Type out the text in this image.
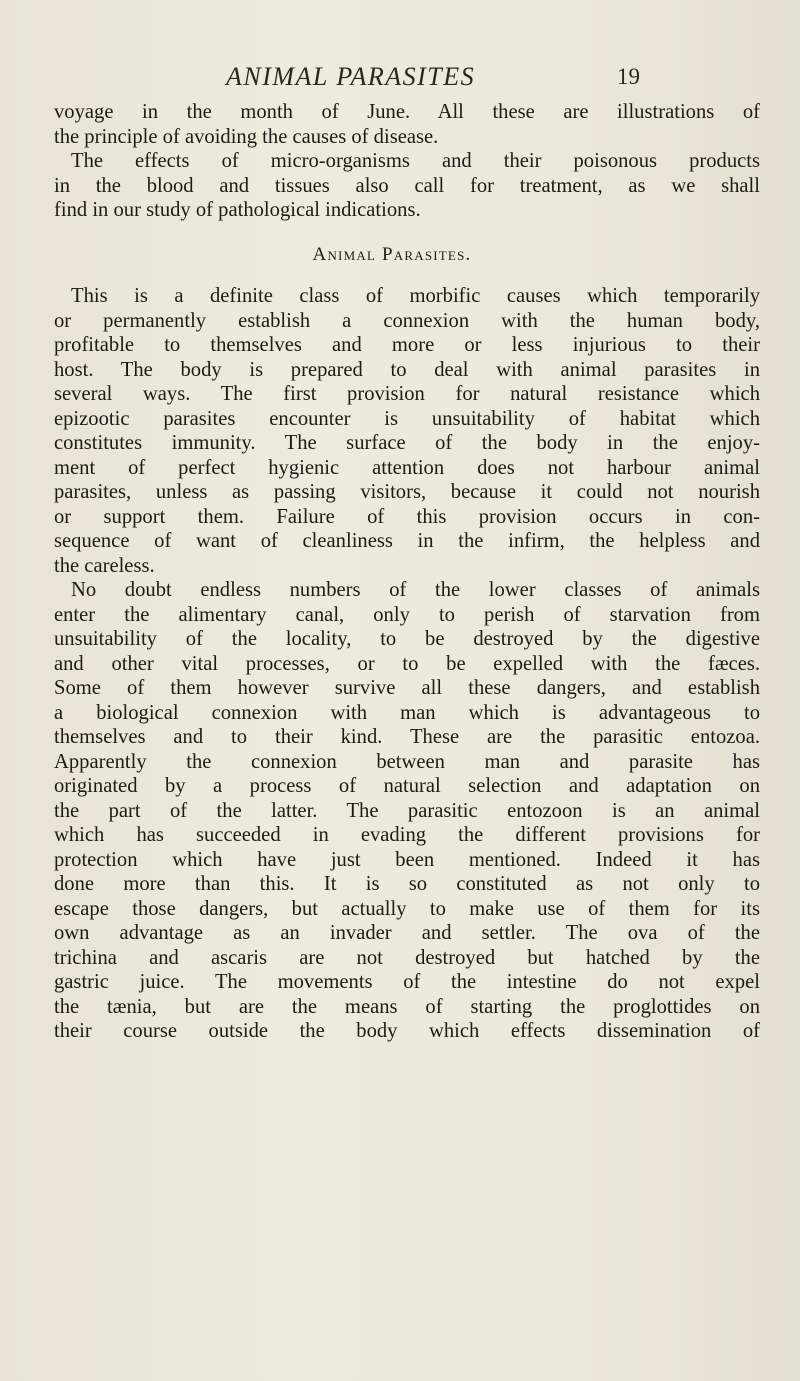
ANIMAL PARASITES	19
voyage in the month of June. All these are illustrations of
the principle of avoiding the causes of disease.
The effects of micro-organisms and their poisonous products
in the blood and tissues also call for treatment, as we shall
find in our study of pathological indications.
Animal Parasites.
This is a definite class of morbific causes which temporarily
or permanently establish a connexion with the human body,
profitable to themselves and more or less injurious to their
host. The body is prepared to deal with animal parasites in
several ways. The first provision for natural resistance which
epizootic parasites encounter is unsuitability of habitat which
constitutes immunity. The surface of the body in the enjoy-
ment of perfect hygienic attention does not harbour animal
parasites, unless as passing visitors, because it could not nourish
or support them. Failure of this provision occurs in con-
sequence of want of cleanliness in the infirm, the helpless and
the careless.
No doubt endless numbers of the lower classes of animals
enter the alimentary canal, only to perish of starvation from
unsuitability of the locality, to be destroyed by the digestive
and other vital processes, or to be expelled with the fæces.
Some of them however survive all these dangers, and establish
a biological connexion with man which is advantageous to
themselves and to their kind. These are the parasitic entozoa.
Apparently the connexion between man and parasite has
originated by a process of natural selection and adaptation on
the part of the latter. The parasitic entozoon is an animal
which has succeeded in evading the different provisions for
protection which have just been mentioned. Indeed it has
done more than this. It is so constituted as not only to
escape those dangers, but actually to make use of them for its
own advantage as an invader and settler. The ova of the
trichina and ascaris are not destroyed but hatched by the
gastric juice. The movements of the intestine do not expel
the tænia, but are the means of starting the proglottides on
their course outside the body which effects dissemination of
